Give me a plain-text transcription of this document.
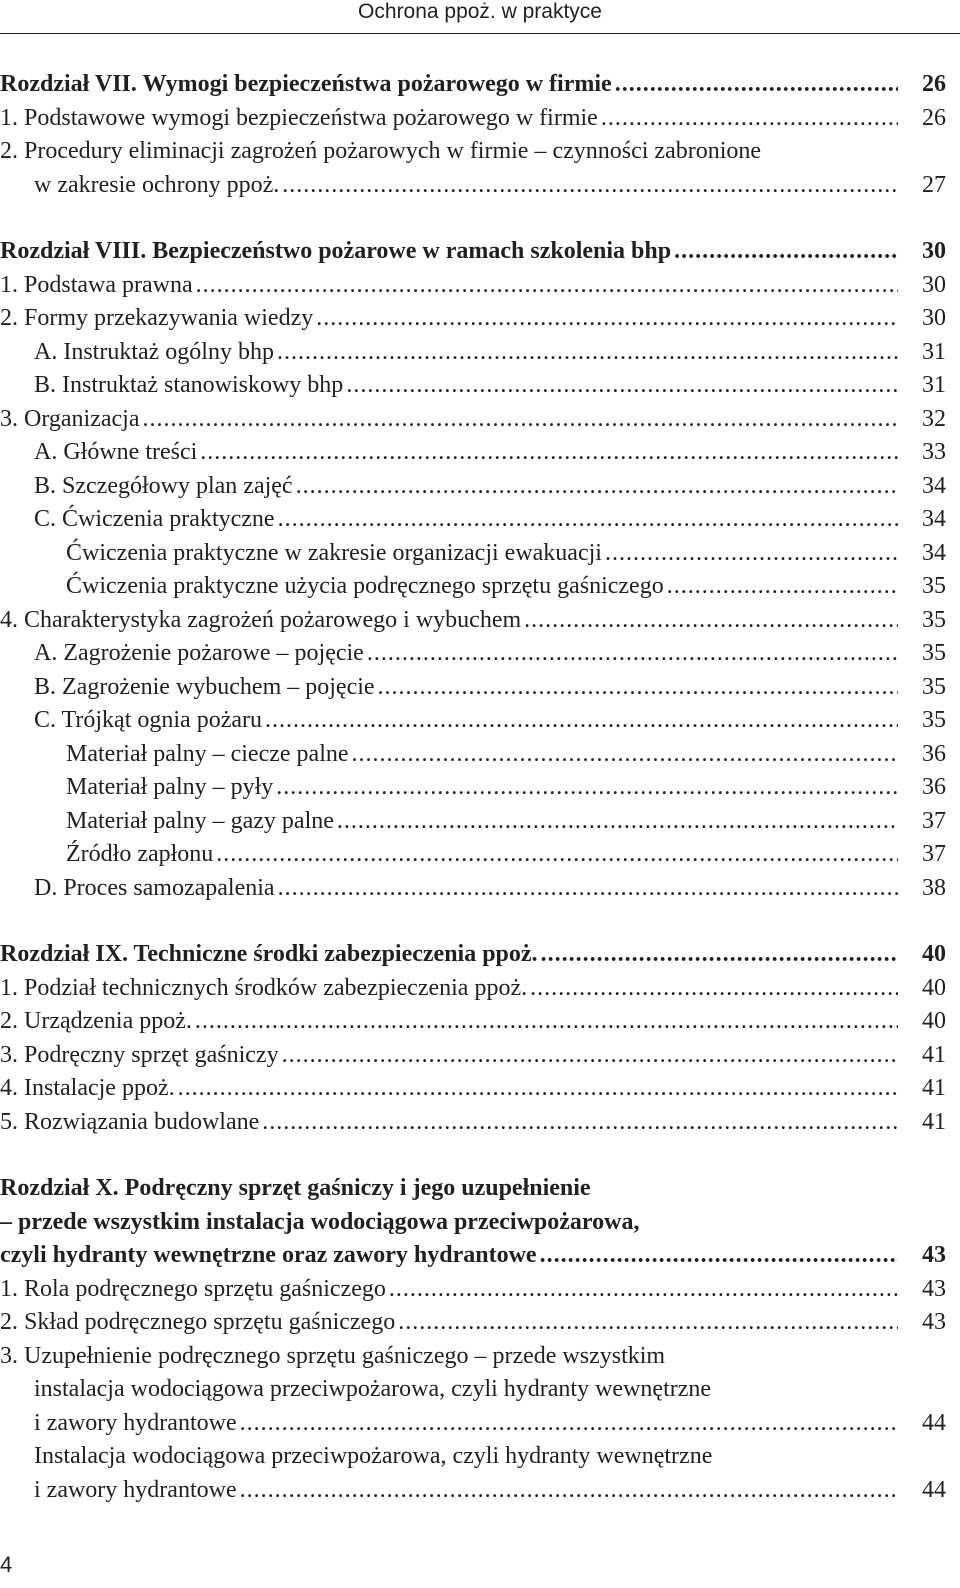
Ochrona ppoż. w praktyce
Rozdział VII. Wymogi bezpieczeństwa pożarowego w firmie .....	26
1. Podstawowe wymogi bezpieczeństwa pożarowego w firmie .....	26
2. Procedury eliminacji zagrożeń pożarowych w firmie – czynności zabronione
w zakresie ochrony ppoż. .....	27
Rozdział VIII. Bezpieczeństwo pożarowe w ramach szkolenia bhp .....	30
1. Podstawa prawna .....	30
2. Formy przekazywania wiedzy .....	30
A. Instruktaż ogólny bhp .....	31
B. Instruktaż stanowiskowy bhp .....	31
3. Organizacja .....	32
A. Główne treści .....	33
B. Szczegółowy plan zajęć .....	34
C. Ćwiczenia praktyczne .....	34
Ćwiczenia praktyczne w zakresie organizacji ewakuacji .....	34
Ćwiczenia praktyczne użycia podręcznego sprzętu gaśniczego .....	35
4. Charakterystyka zagrożeń pożarowego i wybuchem .....	35
A. Zagrożenie pożarowe – pojęcie .....	35
B. Zagrożenie wybuchem – pojęcie .....	35
C. Trójkąt ognia pożaru .....	35
Materiał palny – ciecze palne .....	36
Materiał palny – pyły .....	36
Materiał palny – gazy palne .....	37
Źródło zapłonu .....	37
D. Proces samozapalenia .....	38
Rozdział IX. Techniczne środki zabezpieczenia ppoż. .....	40
1. Podział technicznych środków zabezpieczenia ppoż. .....	40
2. Urządzenia ppoż. .....	40
3. Podręczny sprzęt gaśniczy .....	41
4. Instalacje ppoż. .....	41
5. Rozwiązania budowlane .....	41
Rozdział X. Podręczny sprzęt gaśniczy i jego uzupełnienie
– przede wszystkim instalacja wodociągowa przeciwpożarowa,
czyli hydranty wewnętrzne oraz zawory hydrantowe .....	43
1. Rola podręcznego sprzętu gaśniczego .....	43
2. Skład podręcznego sprzętu gaśniczego .....	43
3. Uzupełnienie podręcznego sprzętu gaśniczego – przede wszystkim
instalacja wodociągowa przeciwpożarowa, czyli hydranty wewnętrzne
i zawory hydrantowe .....	44
Instalacja wodociągowa przeciwpożarowa, czyli hydranty wewnętrzne
i zawory hydrantowe .....	44
4
